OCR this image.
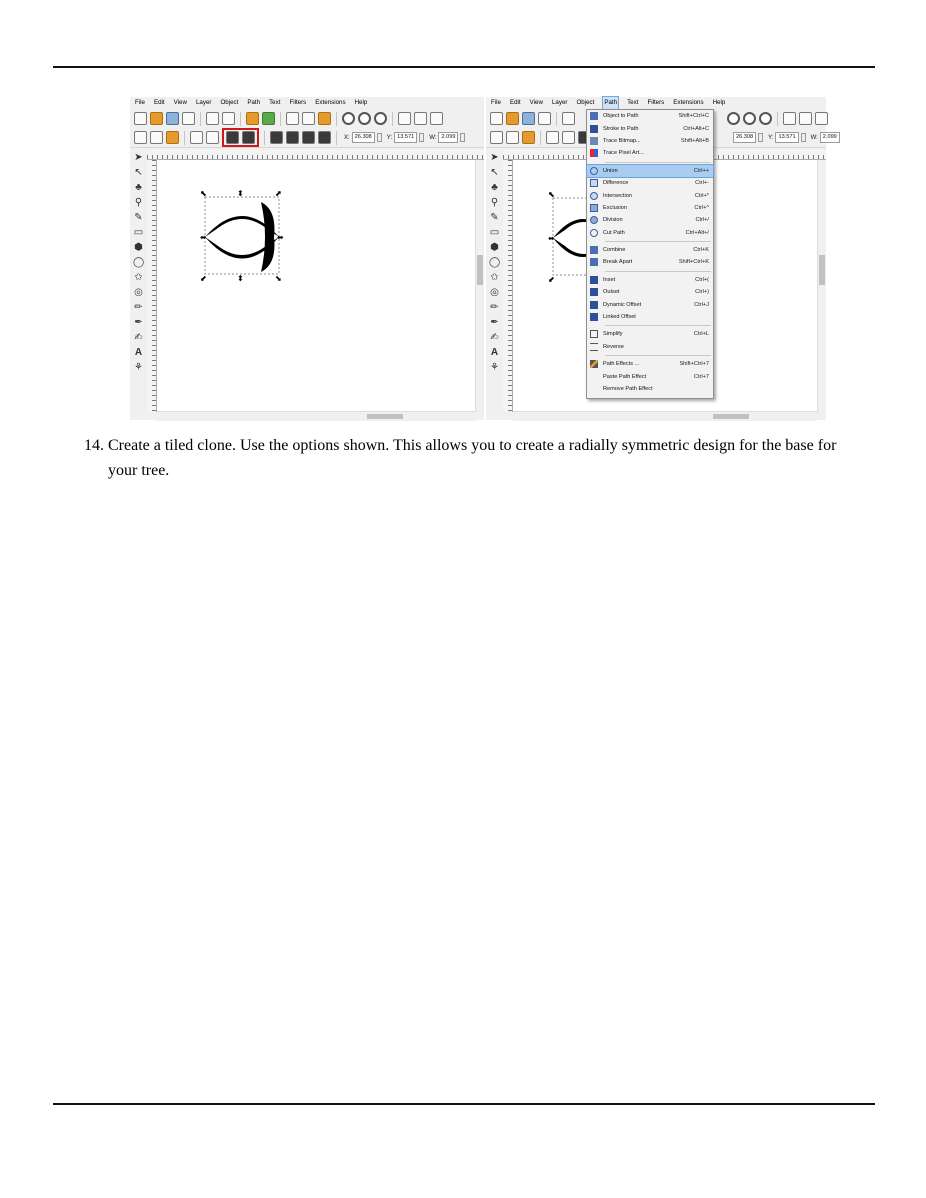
File Edit View Layer Object Path Text Filters Extensions Help
X: 26.308	Y: 13.571	W: 2.099
➤
↖
♣
⚲
✎
▭
⬢
◯
✩
◎
✏
✒
✍
A
⚘
⬉	⬍	⬈
⬌	⬌
⬋	⬍	⬊
File Edit View Layer Object Path Text Filters Extensions Help
26.308	Y: 13.571	W: 2.099
➤
↖
♣
⚲
✎
▭
⬢
◯
✩
◎
✏
✒
✍
A
⚘
⬉
⬌
⬋
Object to Path	Shift+Ctrl+C
Stroke to Path	Ctrl+Alt+C
Trace Bitmap...	Shift+Alt+B
Trace Pixel Art...
Union	Ctrl++
Difference	Ctrl+-
Intersection	Ctrl+*
Exclusion	Ctrl+^
Division	Ctrl+/
Cut Path	Ctrl+Alt+/
Combine	Ctrl+K
Break Apart	Shift+Ctrl+K
Inset	Ctrl+(
Outset	Ctrl+)
Dynamic Offset	Ctrl+J
Linked Offset
Simplify	Ctrl+L
Reverse
Path Effects ...	Shift+Ctrl+7
Paste Path Effect	Ctrl+7
Remove Path Effect
14. Create a tiled clone. Use the options shown. This allows you to create a radially symmetric design for the base for your tree.
